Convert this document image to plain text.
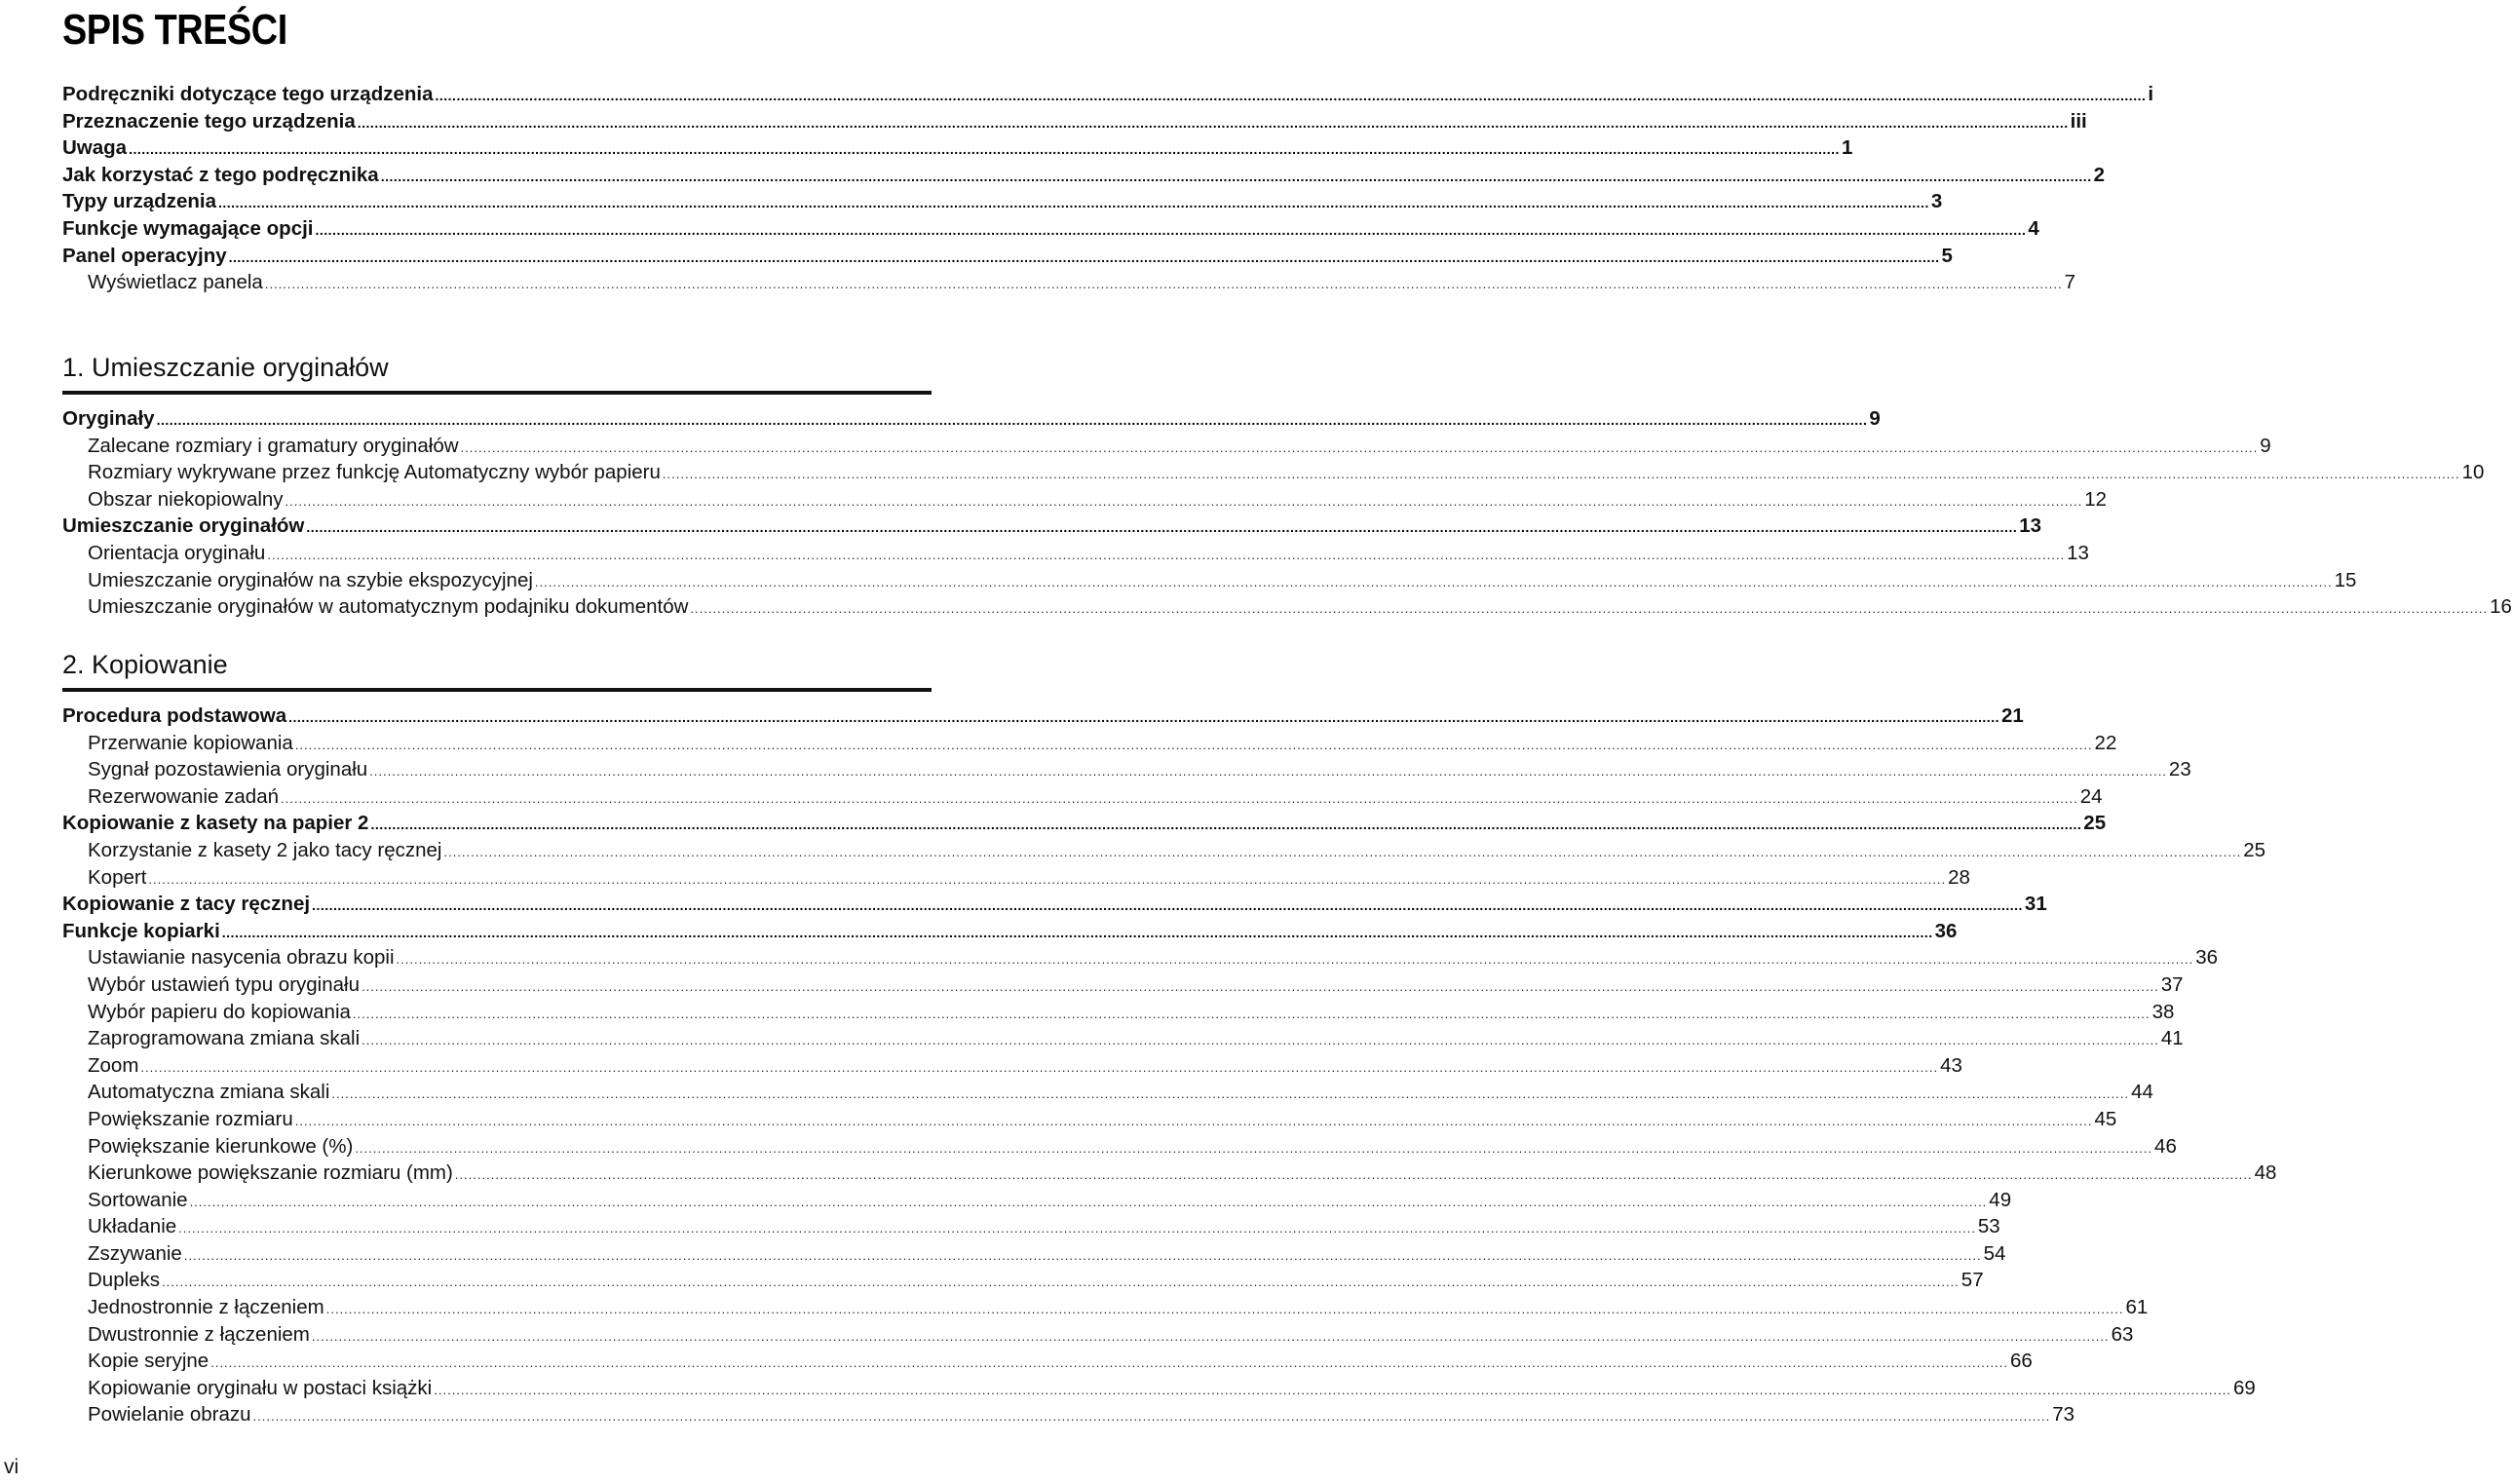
SPIS TREŚCI
Podręczniki dotyczące tego urządzenia ................................................................................................................................................................................................................................................................................................................................................................................................................ i
Przeznaczenie tego urządzenia ................................................................................................................................................................................................................................................................................................................................................................................................................ iii
Uwaga ................................................................................................................................................................................................................................................................................................................................................................................................................ 1
Jak korzystać z tego podręcznika ................................................................................................................................................................................................................................................................................................................................................................................................................ 2
Typy urządzenia ................................................................................................................................................................................................................................................................................................................................................................................................................ 3
Funkcje wymagające opcji ................................................................................................................................................................................................................................................................................................................................................................................................................ 4
Panel operacyjny ................................................................................................................................................................................................................................................................................................................................................................................................................ 5
Wyświetlacz panela ................................................................................................................................................................................................................................................................................................................................................................................................................ 7
1. Umieszczanie oryginałów
Oryginały ................................................................................................................................................................................................................................................................................................................................................................................................................ 9
Zalecane rozmiary i gramatury oryginałów ................................................................................................................................................................................................................................................................................................................................................................................................................ 9
Rozmiary wykrywane przez funkcję Automatyczny wybór papieru ................................................................................................................................................................................................................................................................................................................................................................................................................ 10
Obszar niekopiowalny ................................................................................................................................................................................................................................................................................................................................................................................................................ 12
Umieszczanie oryginałów ................................................................................................................................................................................................................................................................................................................................................................................................................ 13
Orientacja oryginału ................................................................................................................................................................................................................................................................................................................................................................................................................ 13
Umieszczanie oryginałów na szybie ekspozycyjnej ................................................................................................................................................................................................................................................................................................................................................................................................................ 15
Umieszczanie oryginałów w automatycznym podajniku dokumentów ................................................................................................................................................................................................................................................................................................................................................................................................................ 16
2. Kopiowanie
Procedura podstawowa ................................................................................................................................................................................................................................................................................................................................................................................................................ 21
Przerwanie kopiowania ................................................................................................................................................................................................................................................................................................................................................................................................................ 22
Sygnał pozostawienia oryginału ................................................................................................................................................................................................................................................................................................................................................................................................................ 23
Rezerwowanie zadań ................................................................................................................................................................................................................................................................................................................................................................................................................ 24
Kopiowanie z kasety na papier 2 ................................................................................................................................................................................................................................................................................................................................................................................................................ 25
Korzystanie z kasety 2 jako tacy ręcznej ................................................................................................................................................................................................................................................................................................................................................................................................................ 25
Kopert ................................................................................................................................................................................................................................................................................................................................................................................................................ 28
Kopiowanie z tacy ręcznej ................................................................................................................................................................................................................................................................................................................................................................................................................ 31
Funkcje kopiarki ................................................................................................................................................................................................................................................................................................................................................................................................................ 36
Ustawianie nasycenia obrazu kopii ................................................................................................................................................................................................................................................................................................................................................................................................................ 36
Wybór ustawień typu oryginału ................................................................................................................................................................................................................................................................................................................................................................................................................ 37
Wybór papieru do kopiowania ................................................................................................................................................................................................................................................................................................................................................................................................................ 38
Zaprogramowana zmiana skali ................................................................................................................................................................................................................................................................................................................................................................................................................ 41
Zoom ................................................................................................................................................................................................................................................................................................................................................................................................................ 43
Automatyczna zmiana skali ................................................................................................................................................................................................................................................................................................................................................................................................................ 44
Powiększanie rozmiaru ................................................................................................................................................................................................................................................................................................................................................................................................................ 45
Powiększanie kierunkowe (%) ................................................................................................................................................................................................................................................................................................................................................................................................................ 46
Kierunkowe powiększanie rozmiaru (mm) ................................................................................................................................................................................................................................................................................................................................................................................................................ 48
Sortowanie ................................................................................................................................................................................................................................................................................................................................................................................................................ 49
Układanie ................................................................................................................................................................................................................................................................................................................................................................................................................ 53
Zszywanie ................................................................................................................................................................................................................................................................................................................................................................................................................ 54
Dupleks ................................................................................................................................................................................................................................................................................................................................................................................................................ 57
Jednostronnie z łączeniem ................................................................................................................................................................................................................................................................................................................................................................................................................ 61
Dwustronnie z łączeniem ................................................................................................................................................................................................................................................................................................................................................................................................................ 63
Kopie seryjne ................................................................................................................................................................................................................................................................................................................................................................................................................ 66
Kopiowanie oryginału w postaci książki ................................................................................................................................................................................................................................................................................................................................................................................................................ 69
Powielanie obrazu ................................................................................................................................................................................................................................................................................................................................................................................................................ 73
vi
